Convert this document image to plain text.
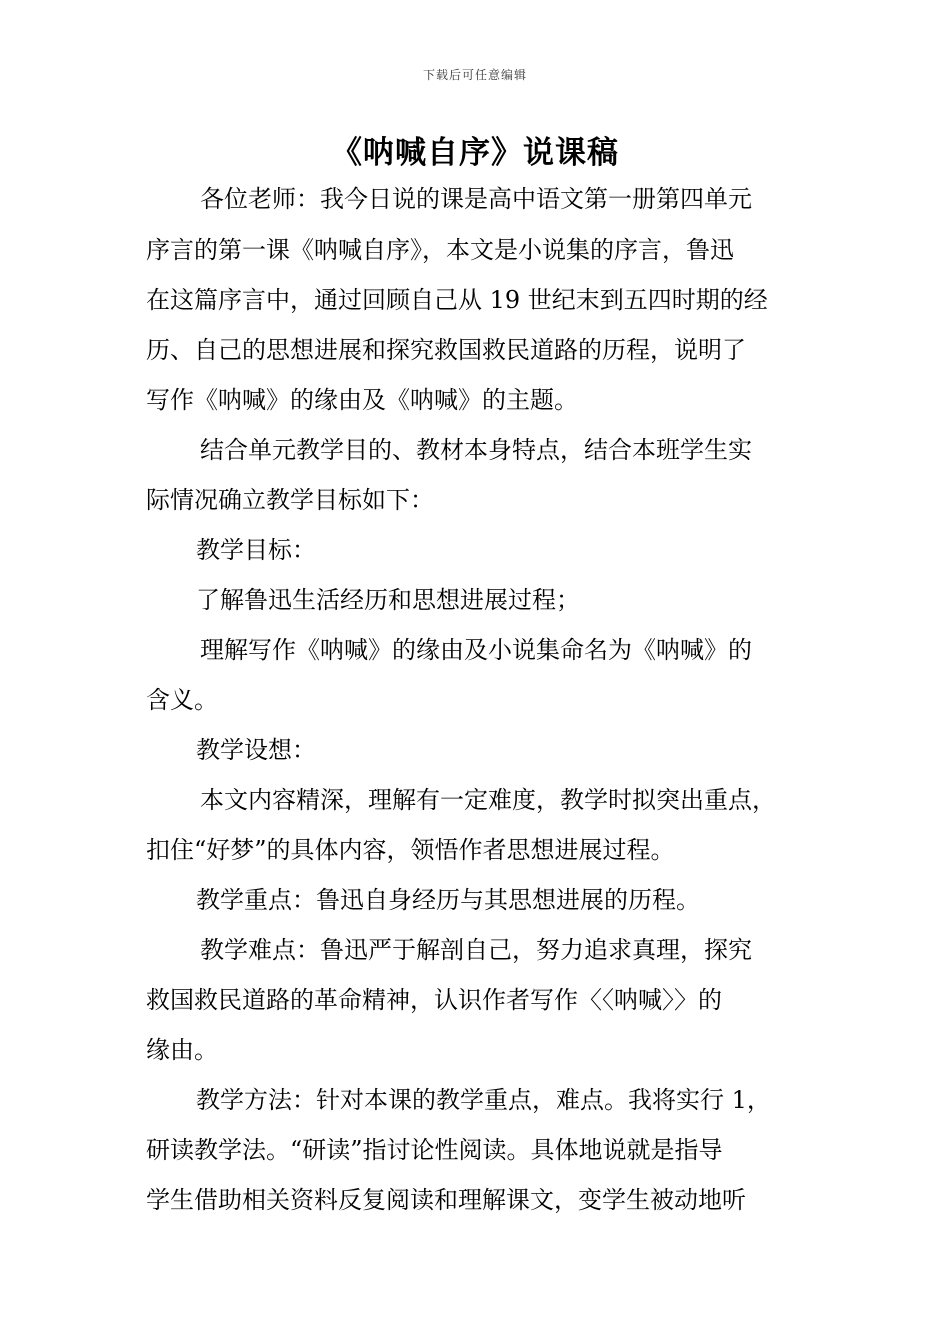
下载后可任意编辑
《呐喊自序》说课稿
各位老师：我今日说的课是高中语文第一册第四单元
序言的第一课《呐喊自序》，本文是小说集的序言，鲁迅
在这篇序言中，通过回顾自己从 19 世纪末到五四时期的经
历、自己的思想进展和探究救国救民道路的历程，说明了
写作《呐喊》的缘由及《呐喊》的主题。
结合单元教学目的、教材本身特点，结合本班学生实
际情况确立教学目标如下：
教学目标：
了解鲁迅生活经历和思想进展过程；
理解写作《呐喊》的缘由及小说集命名为《呐喊》的
含义。
教学设想：
本文内容精深，理解有一定难度，教学时拟突出重点，
扣住“好梦”的具体内容，领悟作者思想进展过程。
教学重点：鲁迅自身经历与其思想进展的历程。
教学难点：鲁迅严于解剖自己，努力追求真理，探究
救国救民道路的革命精神，认识作者写作〈〈呐喊〉〉的
缘由。
教学方法：针对本课的教学重点，难点。我将实行 1，
研读教学法。“研读”指讨论性阅读。具体地说就是指导
学生借助相关资料反复阅读和理解课文，变学生被动地听
